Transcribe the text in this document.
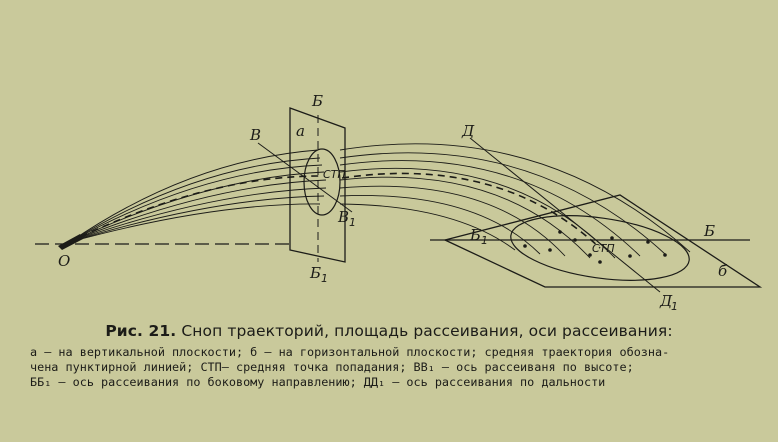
О
Б
а
В
СТП
В 1
Б 1
Д
Б 1
СТП
Б
б
Д
1
Рис. 21. Сноп траекторий, площадь рассеивания, оси рассеивания:
а — на вертикальной плоскости; б — на горизонтальной плоскости; средняя траектория обозна-
чена пунктирной линией; СТП— средняя точка попадания; ВВ₁ — ось рассеиваня по высоте;
ББ₁ — ось рассеивания по боковому направлению; ДД₁ — ось рассеивания по дальности
